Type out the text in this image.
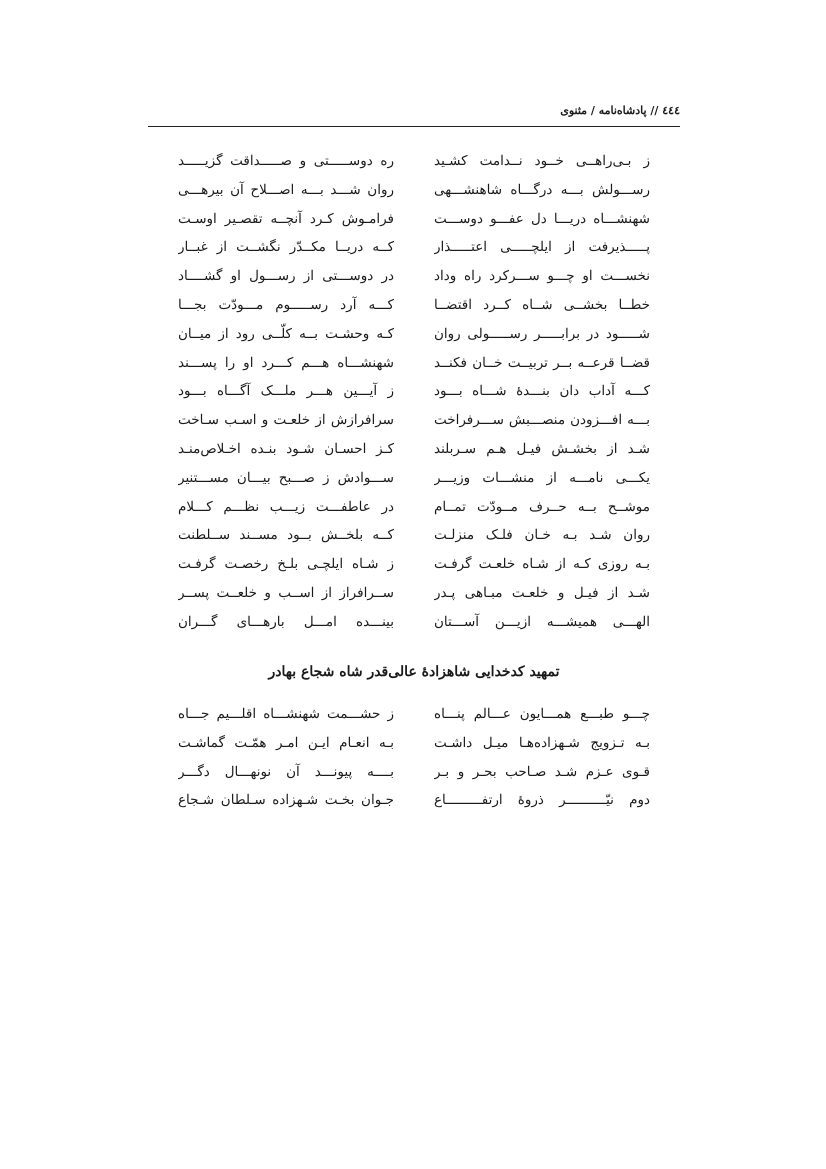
٤٤٤ // پادشاه‌نامه / مثنوی
ز بـی‌راهــی خــود نــدامت کشـید
ره دوســـــتی و صـــــداقت گزیـــــد
رســـولش بـــه درگـــاه شاهنشـــهی
روان شـــد بـــه اصـــلاح آن بیرهـــی
شهنشـــاه دریـــا دل عفـــو دوســـت
فرامـوش کـرد آنچــه تقصـیر اوسـت
پـــــذیرفت از ایلچـــــی اعتـــــذار
کــه دریــا مکــدّر نگشــت از غبــار
نخســـت او چـــو ســـرکرد راه وداد
در دوســـتی از رســـول او گشــــاد
خطــا بخشــی شــاه کــرد اقتضــا
کـــه آرد رســـــوم مـــودّت بجـــا
شـــــود در برابـــــر رســـــولی روان
کـه وحشـت بــه کلّــی رود از میــان
قضــا قرعــه بــر تربیــت خــان فکنــد
شهنشـــاه هـــم کـــرد او را پســـند
کـــه آداب دان بنـــدهٔ شـــاه بـــود
ز آیـــین هـــر ملـــک آگـــاه بـــود
بـــه افـــزودن منصـــبش ســـرفراخت
سرافرازش از خلعـت و اسـب سـاخت
شـد از بخشـش فیـل هـم سـربلند
کـز احسـان شـود بنـده اخـلاص‌منـد
یکـــی نامـــه از منشـــات وزیـــر
ســـوادش ز صـــبح بیـــان مســـتنیر
موشــح بــه حــرف مــودّت تمــام
در عاطفـــت زیـــب نظـــم کـــلام
روان شـد بـه خـان فلـک منزلـت
کــه بلخــش بــود مســند ســلطنت
بـه روزی کـه از شـاه خلعـت گرفـت
ز شـاه ایلچـی بلـخ رخصـت گرفـت
شـد از فیـل و خلعـت مبـاهی پـدر
ســرافراز از اســب و خلعــت پســر
الهـــی همیشـــه ازیـــن آســـتان
بینـــده امـــل بارهـــای گـــران
تمهید کدخدایی شاهزادهٔ عالی‌قدر شاه شجاع بهادر
چـــو طبـــع همـــایون عـــالم پنـــاه
ز حشـــمت شهنشـــاه اقلـــیم جـــاه
بـه تـزویج شـهزاده‌هـا میـل داشـت
بـه انعـام ایـن امـر همّـت گماشـت
قـوی عـزم شـد صـاحب بحـر و بـر
بــــه پیونـــد آن نونهـــال دگـــر
دوم نیّــــــــــر ذروهٔ ارتفـــــــــاع
جـوان بخـت شـهزاده سـلطان شـجاع
